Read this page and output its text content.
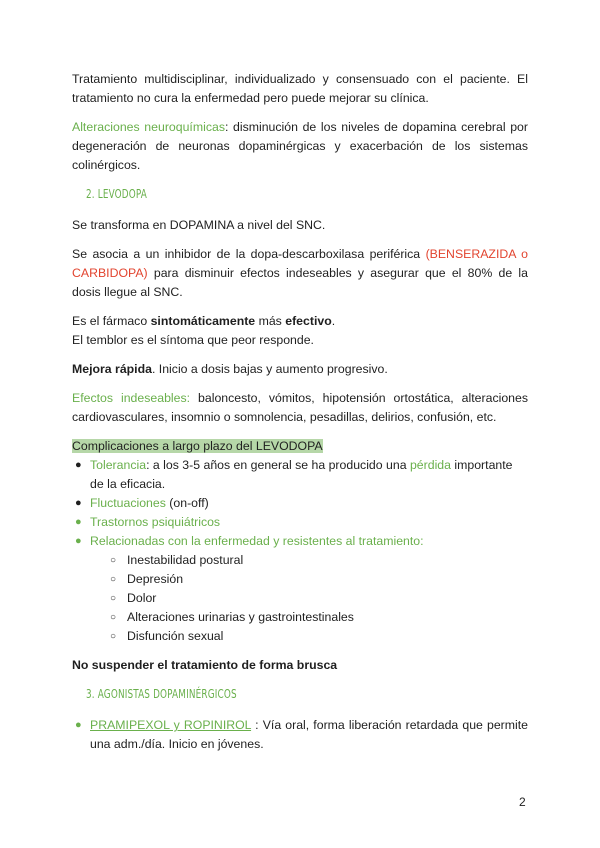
Tratamiento multidisciplinar, individualizado y consensuado con el paciente. El tratamiento no cura la enfermedad pero puede mejorar su clínica.

Alteraciones neuroquímicas: disminución de los niveles de dopamina cerebral por degeneración de neuronas dopaminérgicas y exacerbación de los sistemas colinérgicos.

2. LEVODOPA

Se transforma en DOPAMINA a nivel del SNC.

Se asocia a un inhibidor de la dopa-descarboxilasa periférica (BENSERAZIDA o CARBIDOPA) para disminuir efectos indeseables y asegurar que el 80% de la dosis llegue al SNC.

Es el fármaco sintomáticamente más efectivo.
El temblor es el síntoma que peor responde.

Mejora rápida. Inicio a dosis bajas y aumento progresivo.

Efectos indeseables: baloncesto, vómitos, hipotensión ortostática, alteraciones cardiovasculares, insomnio o somnolencia, pesadillas, delirios, confusión, etc.

Complicaciones a largo plazo del LEVODOPA
● Tolerancia: a los 3-5 años en general se ha producido una pérdida importante de la eficacia.
● Fluctuaciones (on-off)
● Trastornos psiquiátricos
● Relacionadas con la enfermedad y resistentes al tratamiento:
○ Inestabilidad postural
○ Depresión
○ Dolor
○ Alteraciones urinarias y gastrointestinales
○ Disfunción sexual

No suspender el tratamiento de forma brusca

3. AGONISTAS DOPAMINÉRGICOS
● PRAMIPEXOL y ROPINIROL : Vía oral, forma liberación retardada que permite una adm./día. Inicio en jóvenes.
2
